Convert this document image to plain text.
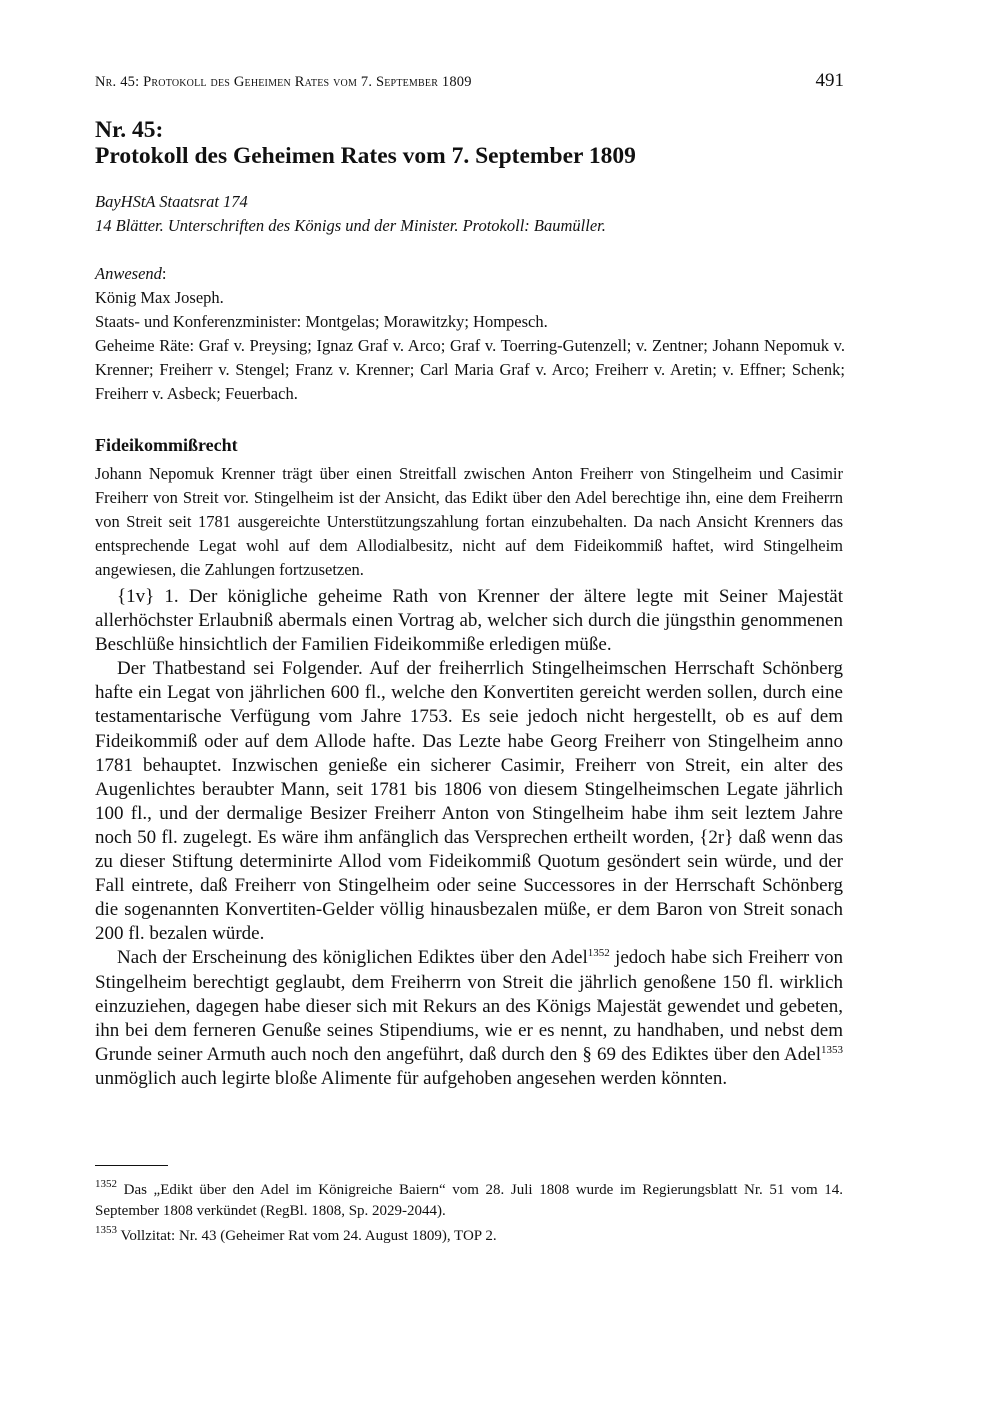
Nr. 45: Protokoll des Geheimen Rates vom 7. September 1809	491
Nr. 45:
Protokoll des Geheimen Rates vom 7. September 1809
BayHStA Staatsrat 174
14 Blätter. Unterschriften des Königs und der Minister. Protokoll: Baumüller.
Anwesend:
König Max Joseph.
Staats- und Konferenzminister: Montgelas; Morawitzky; Hompesch.
Geheime Räte: Graf v. Preysing; Ignaz Graf v. Arco; Graf v. Toerring-Gutenzell; v. Zentner; Johann Nepomuk v. Krenner; Freiherr v. Stengel; Franz v. Krenner; Carl Maria Graf v. Arco; Freiherr v. Aretin; v. Effner; Schenk; Freiherr v. Asbeck; Feuerbach.
Fideikommißrecht
Johann Nepomuk Krenner trägt über einen Streitfall zwischen Anton Freiherr von Stingelheim und Casimir Freiherr von Streit vor. Stingelheim ist der Ansicht, das Edikt über den Adel berechtige ihn, eine dem Freiherrn von Streit seit 1781 ausgereichte Unterstützungszahlung fortan einzubehalten. Da nach Ansicht Krenners das entsprechende Legat wohl auf dem Allodialbesitz, nicht auf dem Fideikommiß haftet, wird Stingelheim angewiesen, die Zahlungen fortzusetzen.

{1v} 1. Der königliche geheime Rath von Krenner der ältere legte mit Seiner Majestät allerhöchster Erlaubniß abermals einen Vortrag ab, welcher sich durch die jüngsthin genommenen Beschlüße hinsichtlich der Familien Fideikommiße erledigen müße.

Der Thatbestand sei Folgender. Auf der freiherrlich Stingelheimschen Herrschaft Schönberg hafte ein Legat von jährlichen 600 fl., welche den Konvertiten gereicht werden sollen, durch eine testamentarische Verfügung vom Jahre 1753. Es seie jedoch nicht hergestellt, ob es auf dem Fideikommiß oder auf dem Allode hafte. Das Lezte habe Georg Freiherr von Stingelheim anno 1781 behauptet. Inzwischen genieße ein sicherer Casimir, Freiherr von Streit, ein alter des Augenlichtes beraubter Mann, seit 1781 bis 1806 von diesem Stingelheimschen Legate jährlich 100 fl., und der dermalige Besizer Freiherr Anton von Stingelheim habe ihm seit leztem Jahre noch 50 fl. zugelegt. Es wäre ihm anfänglich das Versprechen ertheilt worden, {2r} daß wenn das zu dieser Stiftung determinirte Allod vom Fideikommiß Quotum gesöndert sein würde, und der Fall eintrete, daß Freiherr von Stingelheim oder seine Successores in der Herrschaft Schönberg die sogenannten Konvertiten-Gelder völlig hinausbezalen müße, er dem Baron von Streit sonach 200 fl. bezalen würde.

Nach der Erscheinung des königlichen Ediktes über den Adel$^{1352}$ jedoch habe sich Freiherr von Stingelheim berechtigt geglaubt, dem Freiherrn von Streit die jährlich genoßene 150 fl. wirklich einzuziehen, dagegen habe dieser sich mit Rekurs an des Königs Majestät gewendet und gebeten, ihn bei dem ferneren Genuße seines Stipendiums, wie er es nennt, zu handhaben, und nebst dem Grunde seiner Armuth auch noch den angeführt, daß durch den § 69 des Ediktes über den Adel$^{1353}$ unmöglich auch legirte bloße Alimente für aufgehoben angesehen werden könnten.

$^{1352}$ Das „Edikt über den Adel im Königreiche Baiern“ vom 28. Juli 1808 wurde im Regierungsblatt Nr. 51 vom 14. September 1808 verkündet (RegBl. 1808, Sp. 2029-2044).

$^{1353}$ Vollzitat: Nr. 43 (Geheimer Rat vom 24. August 1809), TOP 2.
